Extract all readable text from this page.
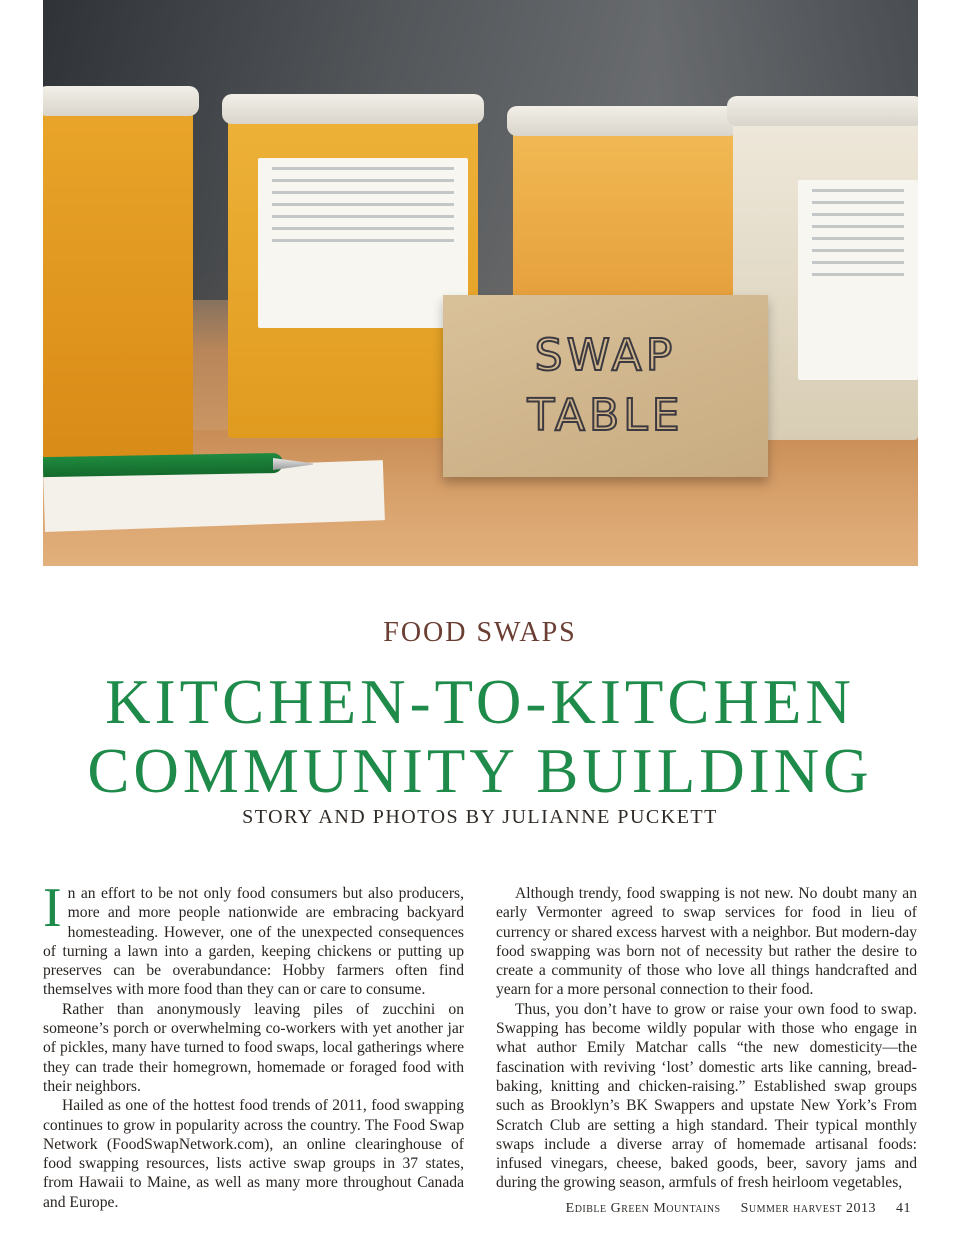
SWAP
TABLE
FOOD SWAPS
KITCHEN-TO-KITCHEN
COMMUNITY BUILDING
STORY AND PHOTOS BY JULIANNE PUCKETT

In an effort to be not only food consumers but also producers, more and more people nationwide are embracing backyard homesteading. However, one of the unexpected consequences of turning a lawn into a garden, keeping chickens or putting up preserves can be overabundance: Hobby farmers often find themselves with more food than they can or care to consume.

Rather than anonymously leaving piles of zucchini on someone’s porch or overwhelming co-workers with yet another jar of pickles, many have turned to food swaps, local gatherings where they can trade their homegrown, homemade or foraged food with their neighbors.

Hailed as one of the hottest food trends of 2011, food swapping continues to grow in popularity across the country. The Food Swap Network (FoodSwapNetwork.com), an online clearinghouse of food swapping resources, lists active swap groups in 37 states, from Hawaii to Maine, as well as many more throughout Canada and Europe.

Although trendy, food swapping is not new. No doubt many an early Vermonter agreed to swap services for food in lieu of currency or shared excess harvest with a neighbor. But modern-day food swapping was born not of necessity but rather the desire to create a community of those who love all things handcrafted and yearn for a more personal connection to their food.

Thus, you don’t have to grow or raise your own food to swap. Swapping has become wildly popular with those who engage in what author Emily Matchar calls “the new domesticity—the fascination with reviving ‘lost’ domestic arts like canning, bread-baking, knitting and chicken-raising.” Established swap groups such as Brooklyn’s BK Swappers and upstate New York’s From Scratch Club are setting a high standard. Their typical monthly swaps include a diverse array of homemade artisanal foods: infused vinegars, cheese, baked goods, beer, savory jams and during the growing season, armfuls of fresh heirloom vegetables,

Edible Green Mountains Summer harvest 2013 41
